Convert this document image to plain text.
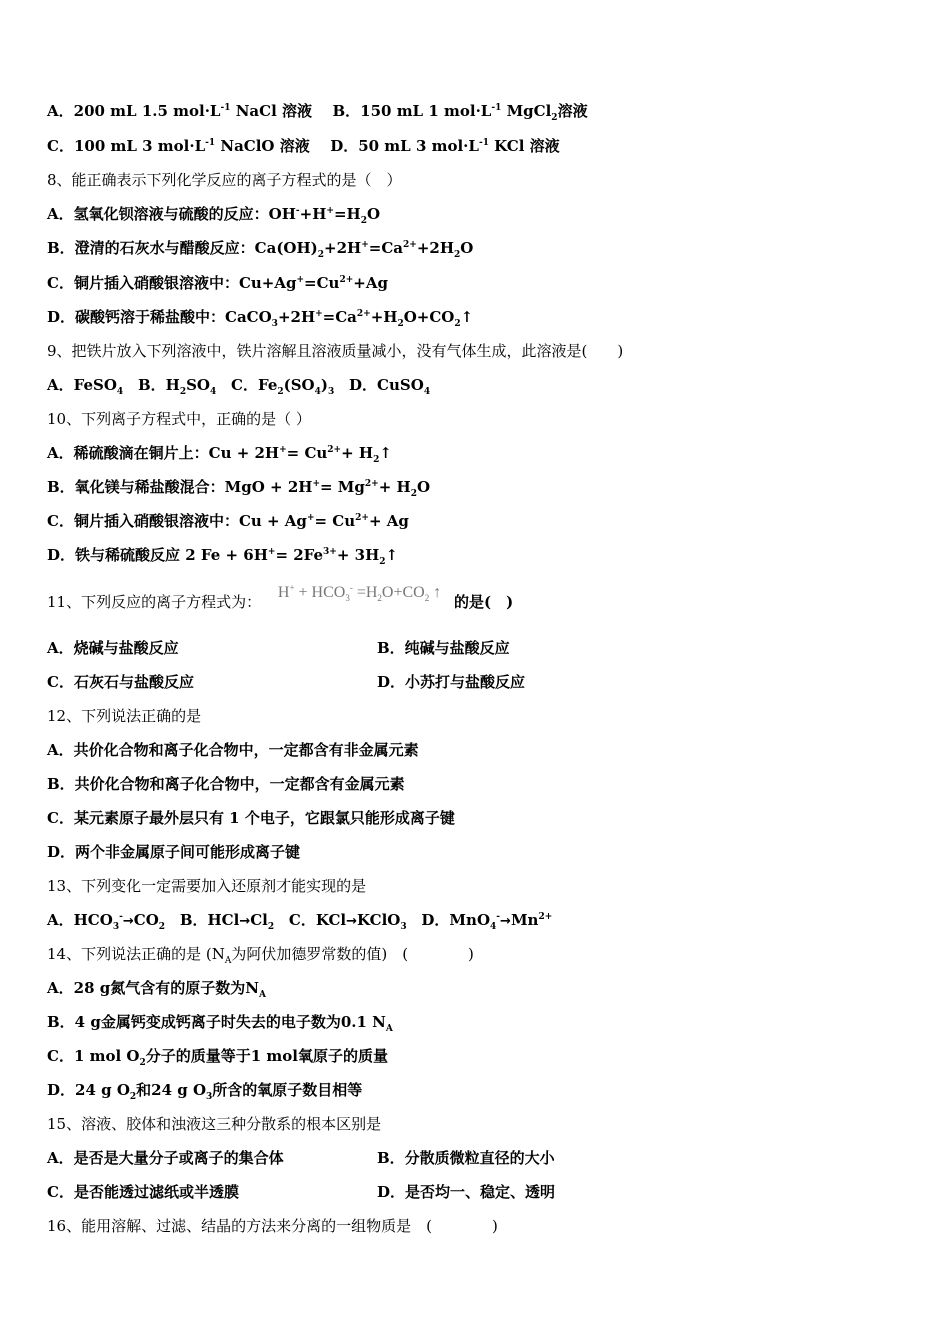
A．200 mL 1.5 $mol\cdot L^{-1}$ NaCl 溶液 B．150 mL 1 $mol\cdot L^{-1}$ MgCl$_2$溶液
C．100 mL 3 $mol\cdot L^{-1}$ NaClO 溶液 D．50 mL 3 $mol\cdot L^{-1}$ KCl 溶液
8、能正确表示下列化学反应的离子方程式的是（　）
A．氢氧化钡溶液与硫酸的反应：$OH^-+H^+=H_2O$
B．澄清的石灰水与醋酸反应：$Ca(OH)_2+2H^+=Ca^{2+}+2H_2O$
C．铜片插入硝酸银溶液中：$Cu+Ag^+=Cu^{2+}+Ag$
D．碳酸钙溶于稀盐酸中：$CaCO_3+2H^+=Ca^{2+}+H_2O+CO_2↑$
9、把铁片放入下列溶液中，铁片溶解且溶液质量减小，没有气体生成，此溶液是(　　)
A．FeSO$_4$ B．$H_2SO_4$ C．$Fe_2(SO_4)_3$ D．CuSO$_4$
10、下列离子方程式中，正确的是（ ）
A．稀硫酸滴在铜片上：$Cu + 2H^+= Cu^{2+}+$ $H_2↑$
B．氧化镁与稀盐酸混合：MgO + $2H^+= Mg^{2+}+ H_2O$
C．铜片插入硝酸银溶液中：$Cu + Ag^+= Cu^{2+}+ Ag$
D．铁与稀硫酸反应 2 $Fe + 6H^+= 2Fe^{3+}+$ $3H_2↑$
11、下列反应的离子方程式为： $H^+ + HCO_3^- =H_2O+CO_2$ ↑ 的是(　)
A．烧碱与盐酸反应	B．纯碱与盐酸反应
C．石灰石与盐酸反应	D．小苏打与盐酸反应
12、下列说法正确的是
A．共价化合物和离子化合物中，一定都含有非金属元素
B．共价化合物和离子化合物中，一定都含有金属元素
C．某元素原子最外层只有 1 个电子，它跟氯只能形成离子键
D．两个非金属原子间可能形成离子键
13、下列变化一定需要加入还原剂才能实现的是
A．$HCO_3^-\to CO_2$ B．$HCl\to Cl_2$ C．KCl→KClO$_3$ D．$MnO_4^-\to Mn^{2+}$
14、下列说法正确的是 ($N_A$为阿伏加德罗常数的值)　(　　　　)
A．28 g氮气含有的原子数为$N_A$
B．4 g金属钙变成钙离子时失去的电子数为0.1 $N_A$
C．1 mol $O_2$分子的质量等于1 mol氧原子的质量
D．24 g $O_2$和24 g $O_3$所含的氧原子数目相等
15、溶液、胶体和浊液这三种分散系的根本区别是
A．是否是大量分子或离子的集合体	B．分散质微粒直径的大小
C．是否能透过滤纸或半透膜	D．是否均一、稳定、透明
16、能用溶解、过滤、结晶的方法来分离的一组物质是　(　　　　)
